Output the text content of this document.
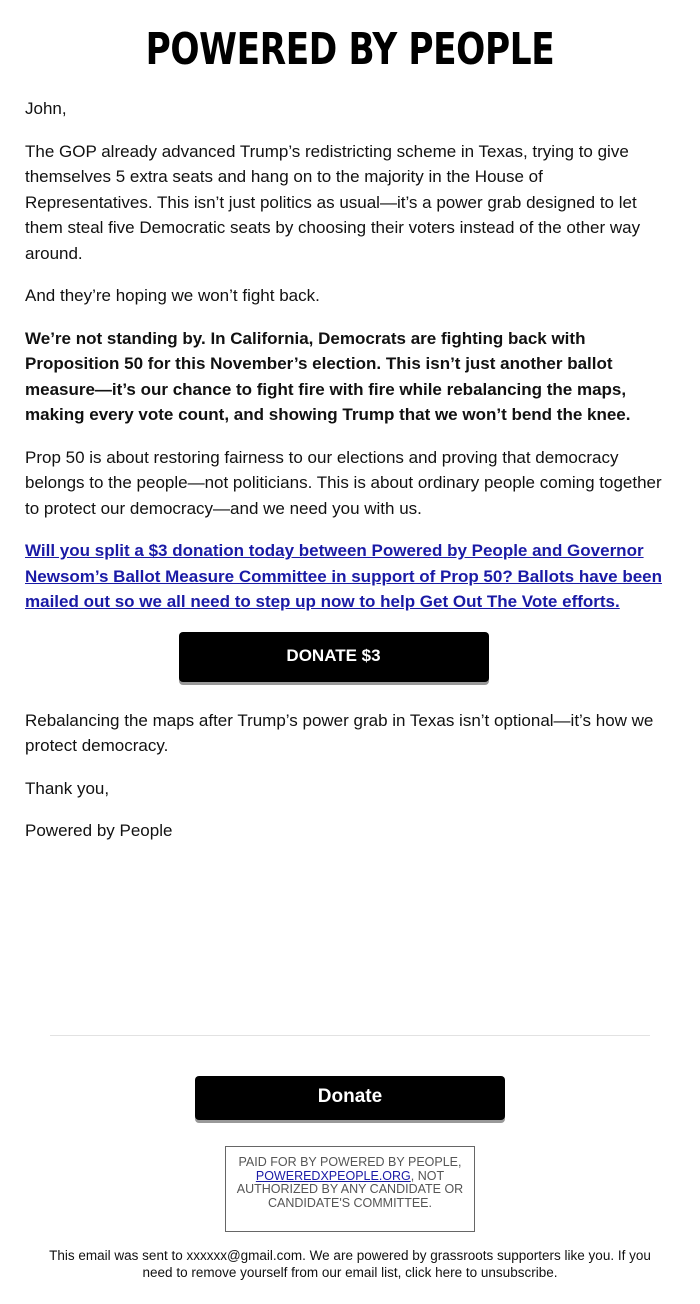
POWERED BY PEOPLE

John,

The GOP already advanced Trump’s redistricting scheme in Texas, trying to give themselves 5 extra seats and hang on to the majority in the House of Representatives. This isn’t just politics as usual—it’s a power grab designed to let them steal five Democratic seats by choosing their voters instead of the other way around.

And they’re hoping we won’t fight back.

We’re not standing by. In California, Democrats are fighting back with Proposition 50 for this November’s election. This isn’t just another ballot measure—it’s our chance to fight fire with fire while rebalancing the maps, making every vote count, and showing Trump that we won’t bend the knee.

Prop 50 is about restoring fairness to our elections and proving that democracy belongs to the people—not politicians. This is about ordinary people coming together to protect our democracy—and we need you with us.

Will you split a $3 donation today between Powered by People and Governor Newsom’s Ballot Measure Committee in support of Prop 50? Ballots have been mailed out so we all need to step up now to help Get Out The Vote efforts.

DONATE $3

Rebalancing the maps after Trump’s power grab in Texas isn’t optional—it’s how we protect democracy.

Thank you,

Powered by People

Donate
PAID FOR BY POWERED BY PEOPLE, POWEREDXPEOPLE.ORG, NOT AUTHORIZED BY ANY CANDIDATE OR CANDIDATE'S COMMITTEE.
This email was sent to xxxxxx@gmail.com. We are powered by grassroots supporters like you. If you need to remove yourself from our email list, click here to unsubscribe.
